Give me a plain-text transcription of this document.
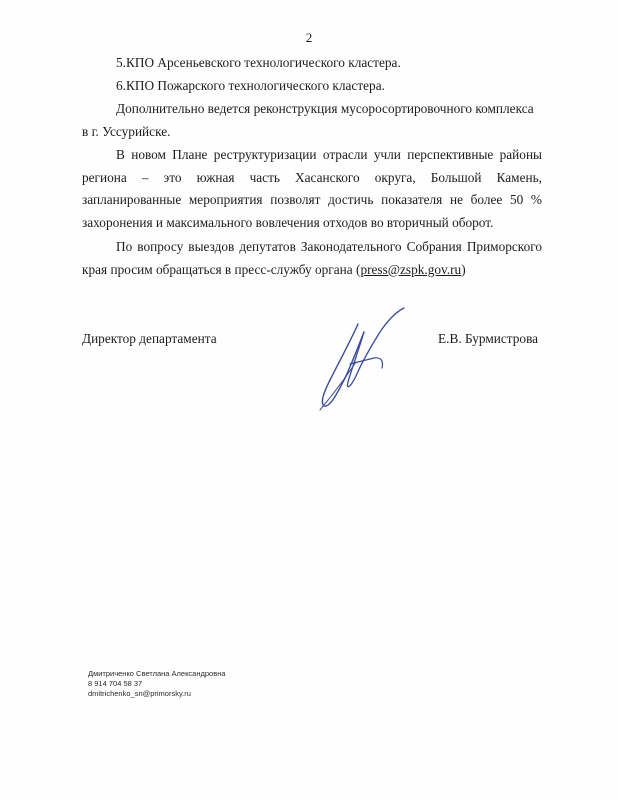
2
5.КПО Арсеньевского технологического кластера.
6.КПО Пожарского технологического кластера.
Дополнительно ведется реконструкция мусоросортировочного комплекса
в г. Уссурийске.
В новом Плане реструктуризации отрасли учли перспективные районы
региона – это южная часть Хасанского округа, Большой Камень,
запланированные мероприятия позволят достичь показателя не более 50 %
захоронения и максимального вовлечения отходов во вторичный оборот.
По вопросу выездов депутатов Законодательного Собрания Приморского
края просим обращаться в пресс-службу органа (press@zspk.gov.ru)
Директор департамента	Е.В. Бурмистрова
Дмитриченко Светлана Александровна
8 914 704 58 37
dmitrichenko_sn@primorsky.ru
